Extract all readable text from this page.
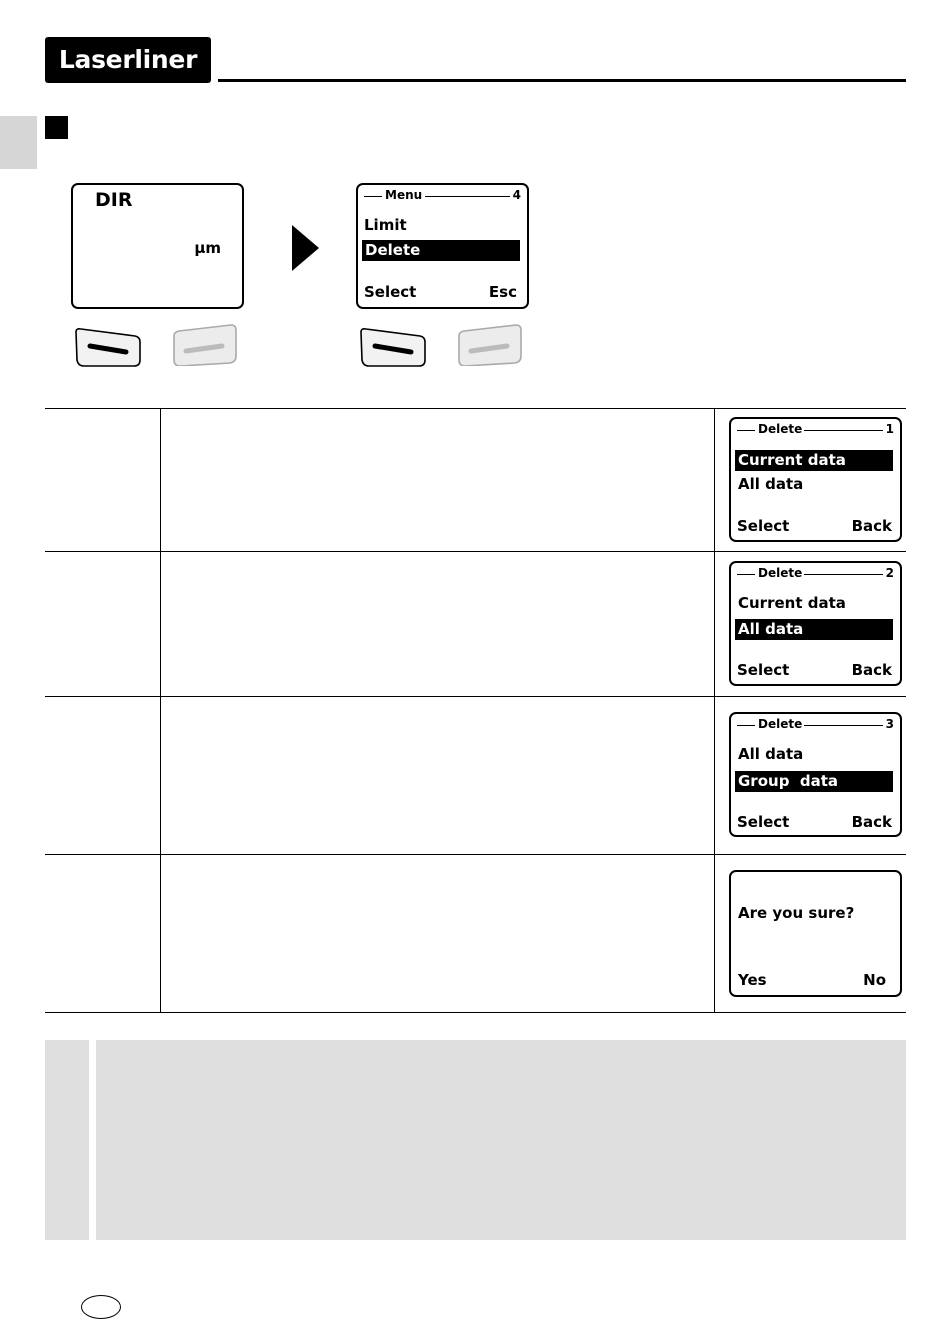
Laserliner
DIR
µm
Menu	4
Limit
Delete
Select	Esc
Delete	1
Current data
All data
Select	Back
Delete	2
Current data
All data
Select	Back
Delete	3
All data
Group  data
Select	Back
Are you sure?
Yes	No
